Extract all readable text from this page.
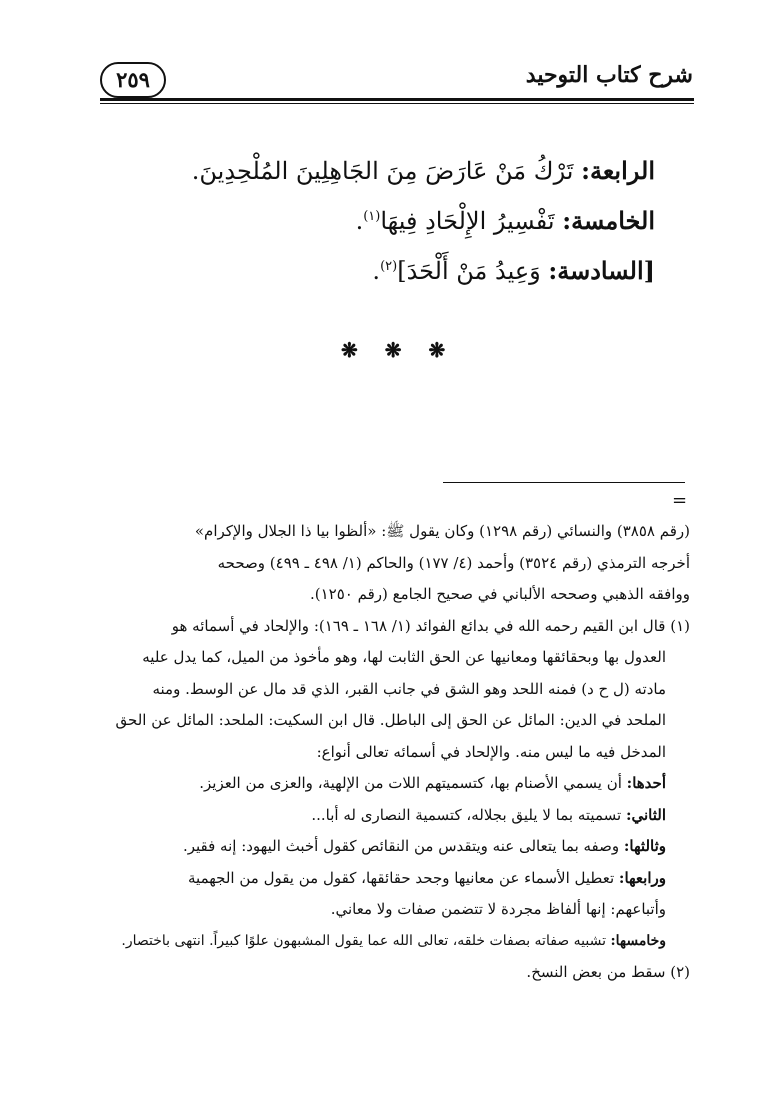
شرح كتاب التوحيد
٢٥٩
الرابعة: تَرْكُ مَنْ عَارَضَ مِنَ الجَاهِلِينَ المُلْحِدِينَ.
الخامسة: تَفْسِيرُ الإِلْحَادِ فِيهَا$^{(١)}$.
[السادسة: وَعِيدُ مَنْ أَلْحَدَ]$^{(٢)}$.
❋ ❋ ❋
=
(رقم ٣٨٥٨) والنسائي (رقم ١٢٩٨) وكان يقول ﷺ: «ألظوا بيا ذا الجلال والإكرام»
أخرجه الترمذي (رقم ٣٥٢٤) وأحمد (٤/ ١٧٧) والحاكم (١/ ٤٩٨ ـ ٤٩٩) وصححه
ووافقه الذهبي وصححه الألباني في صحيح الجامع (رقم ١٢٥٠).
(١) قال ابن القيم رحمه الله في بدائع الفوائد (١/ ١٦٨ ـ ١٦٩): والإلحاد في أسمائه هو
العدول بها وبحقائقها ومعانيها عن الحق الثابت لها، وهو مأخوذ من الميل، كما يدل عليه
مادته (ل ح د) فمنه اللحد وهو الشق في جانب القبر، الذي قد مال عن الوسط. ومنه
الملحد في الدين: المائل عن الحق إلى الباطل. قال ابن السكيت: الملحد: المائل عن الحق
المدخل فيه ما ليس منه. والإلحاد في أسمائه تعالى أنواع:
أحدها: أن يسمي الأصنام بها، كتسميتهم اللات من الإلهية، والعزى من العزيز.
الثاني: تسميته بما لا يليق بجلاله، كتسمية النصارى له أبا...
وثالثها: وصفه بما يتعالى عنه ويتقدس من النقائص كقول أخبث اليهود: إنه فقير.
ورابعها: تعطيل الأسماء عن معانيها وجحد حقائقها، كقول من يقول من الجهمية
وأتباعهم: إنها ألفاظ مجردة لا تتضمن صفات ولا معاني.
وخامسها: تشبيه صفاته بصفات خلقه، تعالى الله عما يقول المشبهون علوًا كبيراً. انتهى باختصار.
(٢) سقط من بعض النسخ.
